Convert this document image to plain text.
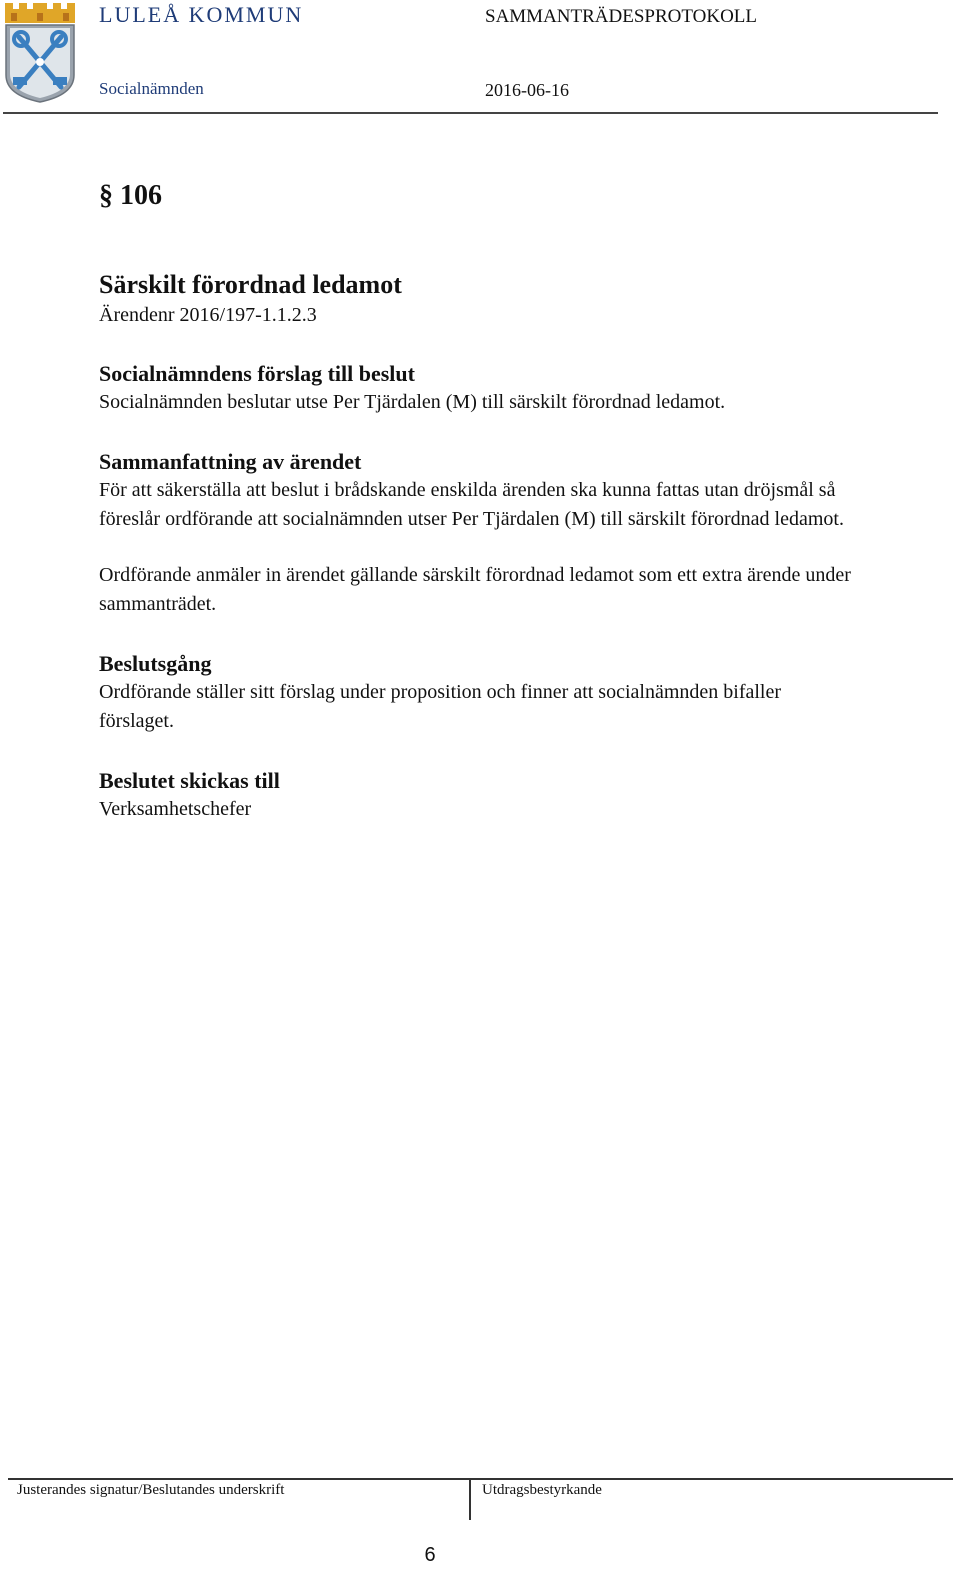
LULEÅ KOMMUN	SAMMANTRÄDESPROTOKOLL
Socialnämnden	2016-06-16

§ 106

Särskilt förordnad ledamot

Ärendenr 2016/197-1.1.2.3

Socialnämndens förslag till beslut

Socialnämnden beslutar utse Per Tjärdalen (M) till särskilt förordnad ledamot.

Sammanfattning av ärendet

För att säkerställa att beslut i brådskande enskilda ärenden ska kunna fattas utan dröjsmål så föreslår ordförande att socialnämnden utser Per Tjärdalen (M) till särskilt förordnad ledamot.

Ordförande anmäler in ärendet gällande särskilt förordnad ledamot som ett extra ärende under sammanträdet.

Beslutsgång

Ordförande ställer sitt förslag under proposition och finner att socialnämnden bifaller förslaget.

Beslutet skickas till

Verksamhetschefer

Justerandes signatur/Beslutandes underskrift	Utdragsbestyrkande
6
